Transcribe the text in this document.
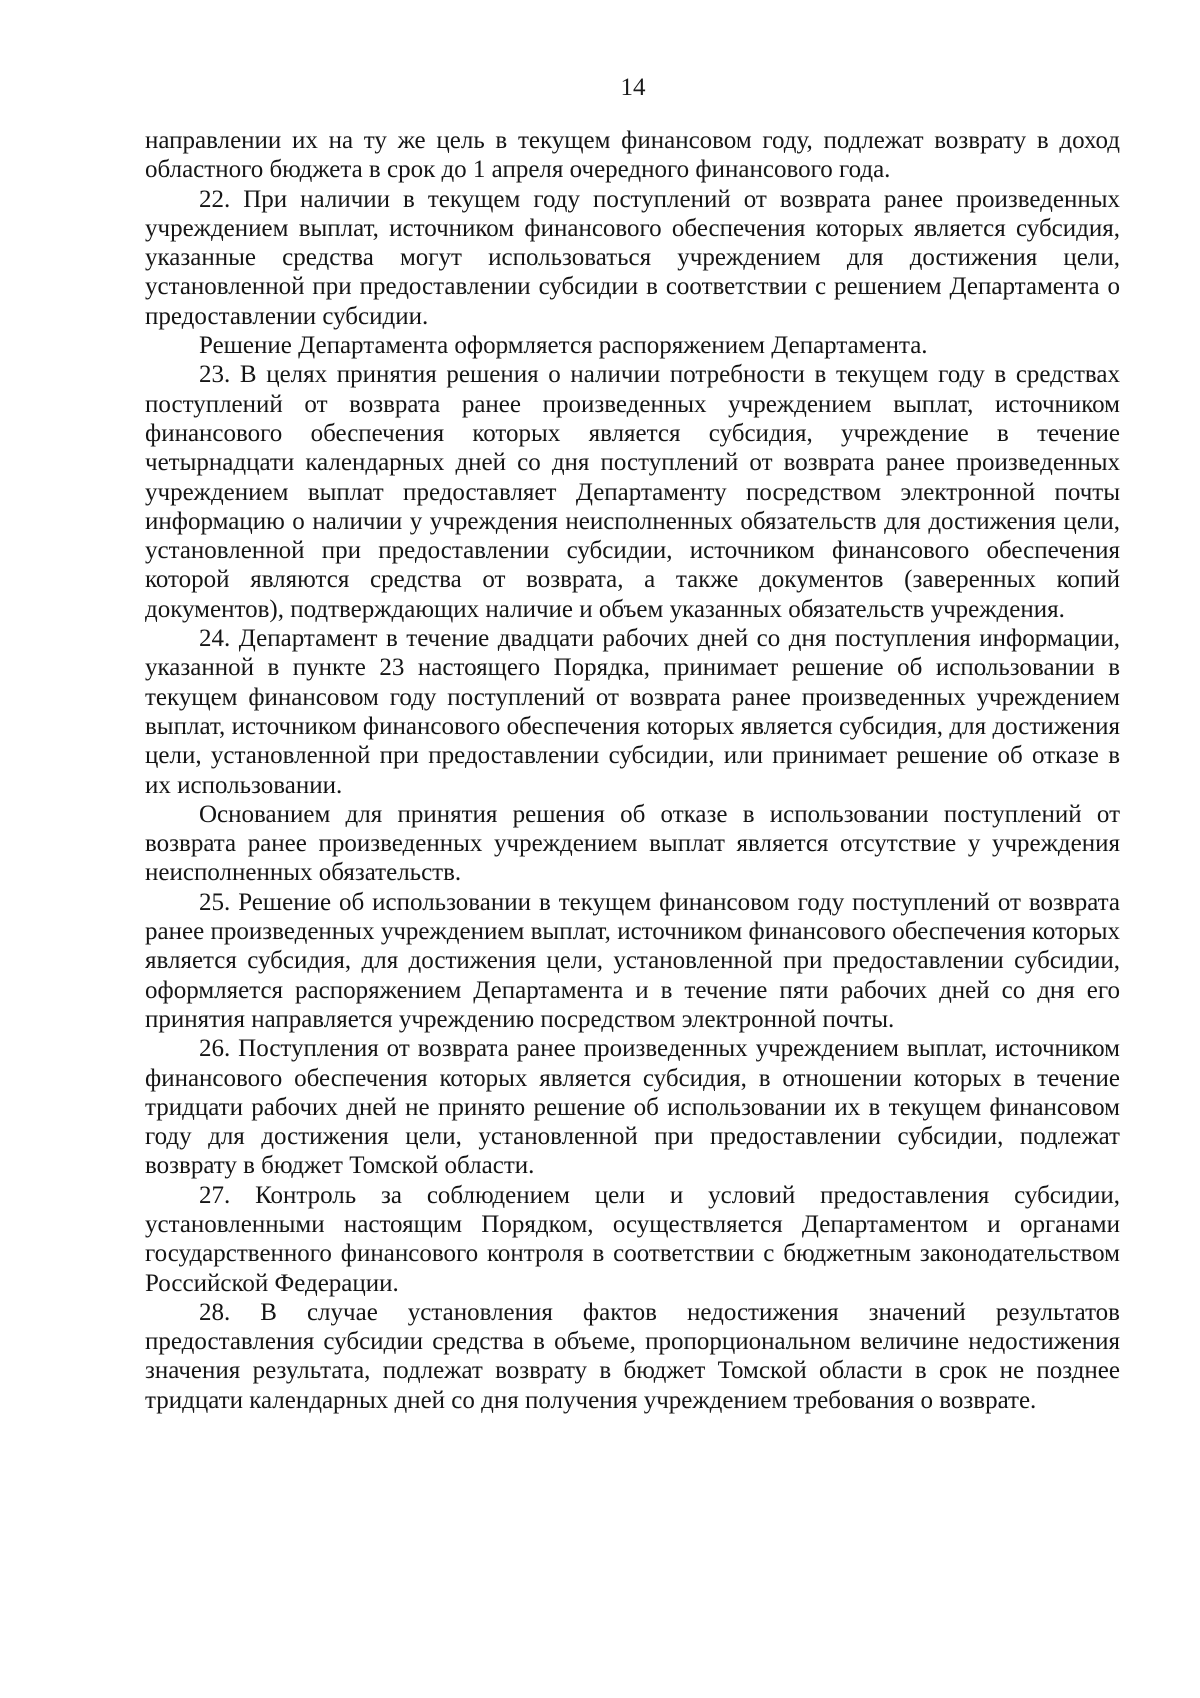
14

направлении их на ту же цель в текущем финансовом году, подлежат возврату в доход областного бюджета в срок до 1 апреля очередного финансового года.

22. При наличии в текущем году поступлений от возврата ранее произведенных учреждением выплат, источником финансового обеспечения которых является субсидия, указанные средства могут использоваться учреждением для достижения цели, установленной при предоставлении субсидии в соответствии с решением Департамента о предоставлении субсидии.

Решение Департамента оформляется распоряжением Департамента.

23. В целях принятия решения о наличии потребности в текущем году в средствах поступлений от возврата ранее произведенных учреждением выплат, источником финансового обеспечения которых является субсидия, учреждение в течение четырнадцати календарных дней со дня поступлений от возврата ранее произведенных учреждением выплат предоставляет Департаменту посредством электронной почты информацию о наличии у учреждения неисполненных обязательств для достижения цели, установленной при предоставлении субсидии, источником финансового обеспечения которой являются средства от возврата, а также документов (заверенных копий документов), подтверждающих наличие и объем указанных обязательств учреждения.

24. Департамент в течение двадцати рабочих дней со дня поступления информации, указанной в пункте 23 настоящего Порядка, принимает решение об использовании в текущем финансовом году поступлений от возврата ранее произведенных учреждением выплат, источником финансового обеспечения которых является субсидия, для достижения цели, установленной при предоставлении субсидии, или принимает решение об отказе в их использовании.

Основанием для принятия решения об отказе в использовании поступлений от возврата ранее произведенных учреждением выплат является отсутствие у учреждения неисполненных обязательств.

25. Решение об использовании в текущем финансовом году поступлений от возврата ранее произведенных учреждением выплат, источником финансового обеспечения которых является субсидия, для достижения цели, установленной при предоставлении субсидии, оформляется распоряжением Департамента и в течение пяти рабочих дней со дня его принятия направляется учреждению посредством электронной почты.

26. Поступления от возврата ранее произведенных учреждением выплат, источником финансового обеспечения которых является субсидия, в отношении которых в течение тридцати рабочих дней не принято решение об использовании их в текущем финансовом году для достижения цели, установленной при предоставлении субсидии, подлежат возврату в бюджет Томской области.

27. Контроль за соблюдением цели и условий предоставления субсидии, установленными настоящим Порядком, осуществляется Департаментом и органами государственного финансового контроля в соответствии с бюджетным законодательством Российской Федерации.

28. В случае установления фактов недостижения значений результатов предоставления субсидии средства в объеме, пропорциональном величине недостижения значения результата, подлежат возврату в бюджет Томской области в срок не позднее тридцати календарных дней со дня получения учреждением требования о возврате.
